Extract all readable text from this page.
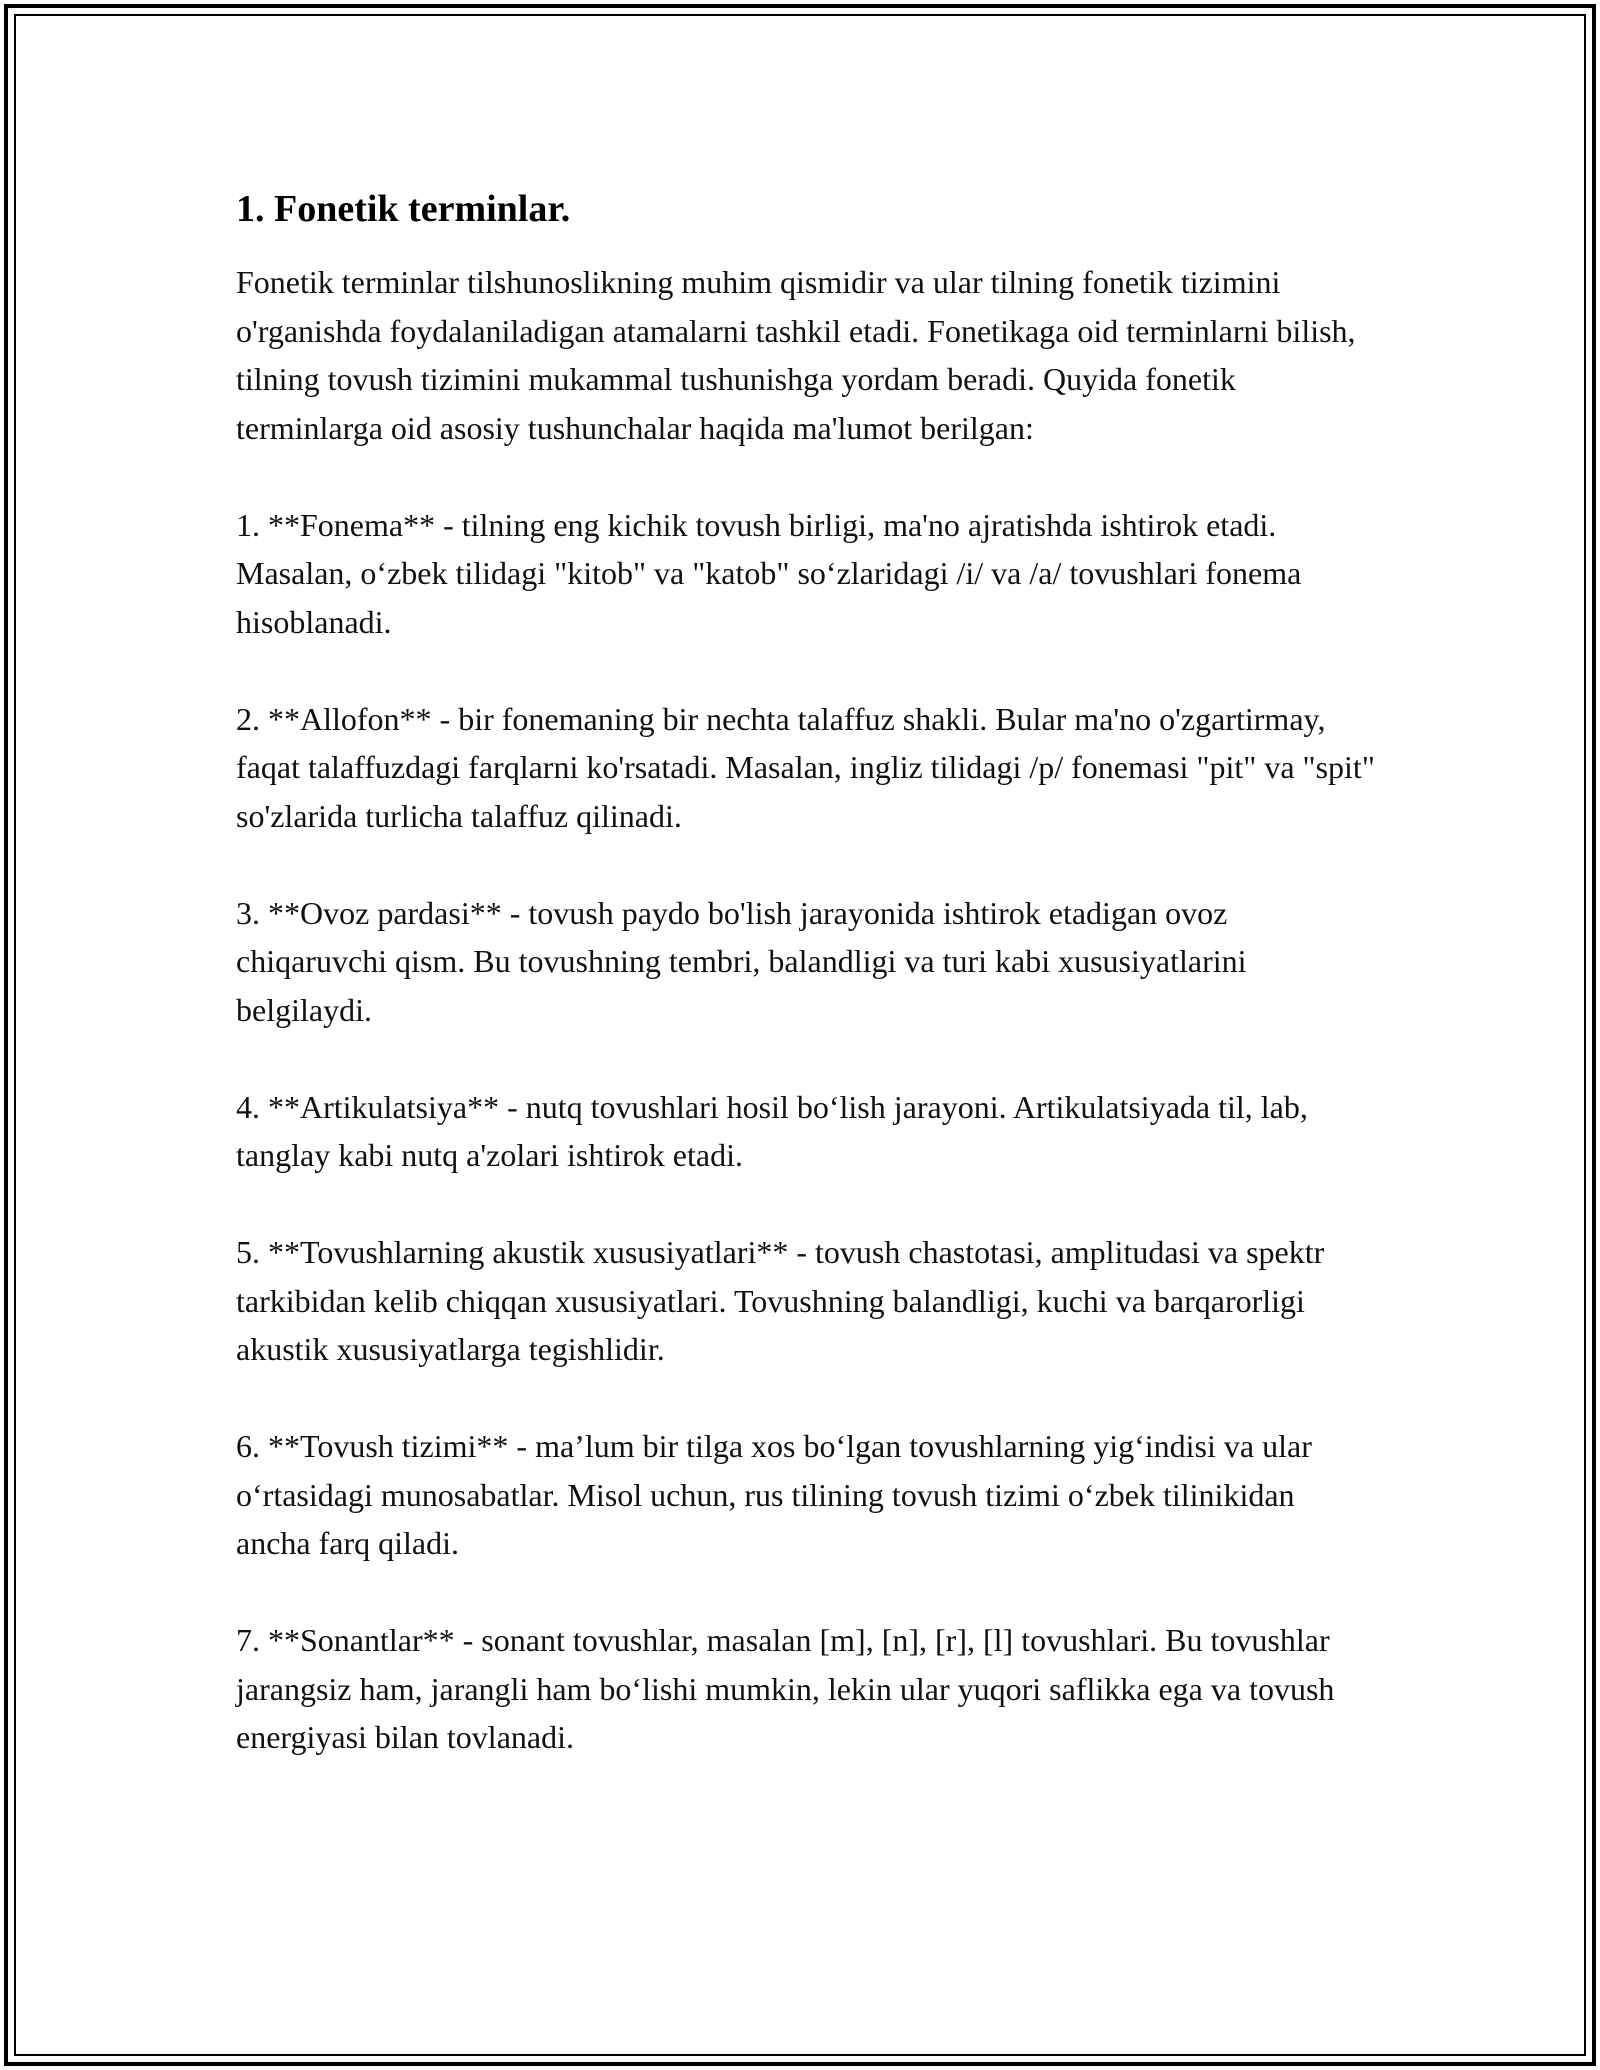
1. Fonetik terminlar.

Fonetik terminlar tilshunoslikning muhim qismidir va ular tilning fonetik tizimini o'rganishda foydalaniladigan atamalarni tashkil etadi. Fonetikaga oid terminlarni bilish, tilning tovush tizimini mukammal tushunishga yordam beradi. Quyida fonetik terminlarga oid asosiy tushunchalar haqida ma'lumot berilgan:

1. **Fonema** - tilning eng kichik tovush birligi, ma'no ajratishda ishtirok etadi. Masalan, o‘zbek tilidagi "kitob" va "katob" so‘zlaridagi /i/ va /a/ tovushlari fonema hisoblanadi.

2. **Allofon** - bir fonemaning bir nechta talaffuz shakli. Bular ma'no o'zgartirmay, faqat talaffuzdagi farqlarni ko'rsatadi. Masalan, ingliz tilidagi /p/ fonemasi "pit" va "spit" so'zlarida turlicha talaffuz qilinadi.

3. **Ovoz pardasi** - tovush paydo bo'lish jarayonida ishtirok etadigan ovoz chiqaruvchi qism. Bu tovushning tembri, balandligi va turi kabi xususiyatlarini belgilaydi.

4. **Artikulatsiya** - nutq tovushlari hosil bo‘lish jarayoni. Artikulatsiyada til, lab, tanglay kabi nutq a'zolari ishtirok etadi.

5. **Tovushlarning akustik xususiyatlari** - tovush chastotasi, amplitudasi va spektr tarkibidan kelib chiqqan xususiyatlari. Tovushning balandligi, kuchi va barqarorligi akustik xususiyatlarga tegishlidir.

6. **Tovush tizimi** - ma’lum bir tilga xos bo‘lgan tovushlarning yig‘indisi va ular o‘rtasidagi munosabatlar. Misol uchun, rus tilining tovush tizimi o‘zbek tilinikidan ancha farq qiladi.

7. **Sonantlar** - sonant tovushlar, masalan [m], [n], [r], [l] tovushlari. Bu tovushlar jarangsiz ham, jarangli ham bo‘lishi mumkin, lekin ular yuqori saflikka ega va tovush energiyasi bilan tovlanadi.
